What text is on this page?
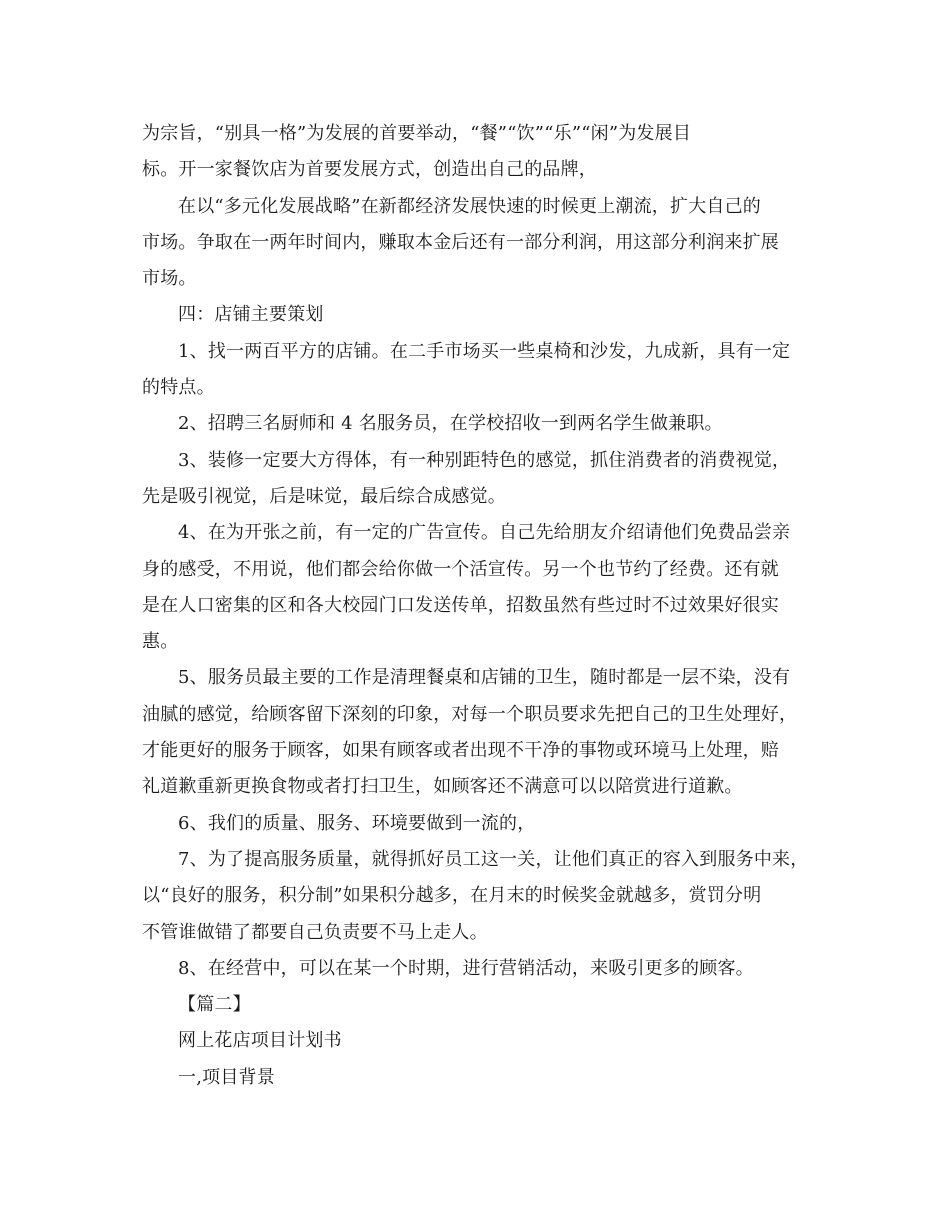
为宗旨，“别具一格”为发展的首要举动，“餐”“饮”“乐”“闲”为发展目
标。开一家餐饮店为首要发展方式，创造出自己的品牌，
在以“多元化发展战略”在新都经济发展快速的时候更上潮流，扩大自己的
市场。争取在一两年时间内，赚取本金后还有一部分利润，用这部分利润来扩展
市场。
四：店铺主要策划
1、找一两百平方的店铺。在二手市场买一些桌椅和沙发，九成新，具有一定
的特点。
2、招聘三名厨师和 4 名服务员，在学校招收一到两名学生做兼职。
3、装修一定要大方得体，有一种别距特色的感觉，抓住消费者的消费视觉，
先是吸引视觉，后是味觉，最后综合成感觉。
4、在为开张之前，有一定的广告宣传。自己先给朋友介绍请他们免费品尝亲
身的感受，不用说，他们都会给你做一个活宣传。另一个也节约了经费。还有就
是在人口密集的区和各大校园门口发送传单，招数虽然有些过时不过效果好很实
惠。
5、服务员最主要的工作是清理餐桌和店铺的卫生，随时都是一层不染，没有
油腻的感觉，给顾客留下深刻的印象，对每一个职员要求先把自己的卫生处理好，
才能更好的服务于顾客，如果有顾客或者出现不干净的事物或环境马上处理，赔
礼道歉重新更换食物或者打扫卫生，如顾客还不满意可以以陪赏进行道歉。
6、我们的质量、服务、环境要做到一流的，
7、为了提高服务质量，就得抓好员工这一关，让他们真正的容入到服务中来，
以“良好的服务，积分制”如果积分越多，在月末的时候奖金就越多，赏罚分明
不管谁做错了都要自己负责要不马上走人。
8、在经营中，可以在某一个时期，进行营销活动，来吸引更多的顾客。
【篇二】
网上花店项目计划书
一,项目背景
